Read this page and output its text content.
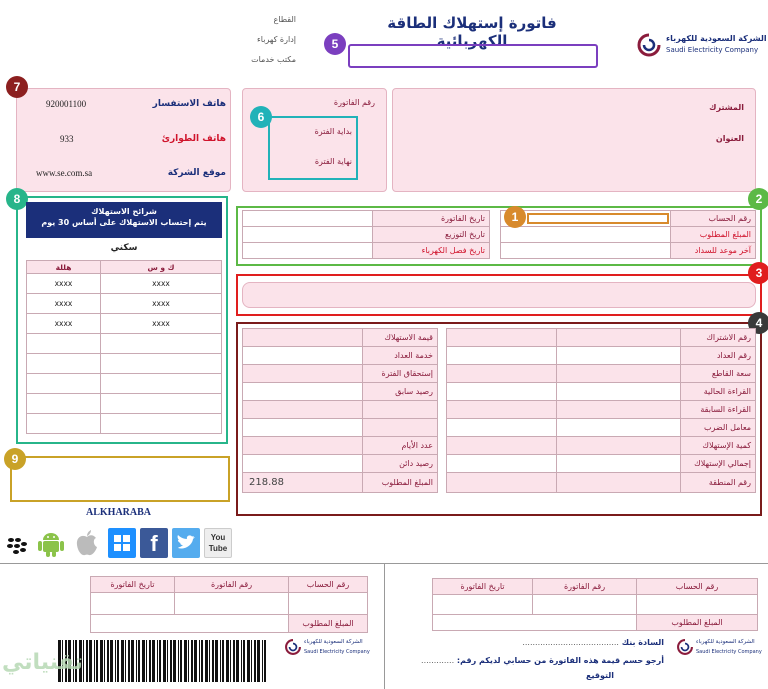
القطاع
إدارة كهرباء
مكتب خدمات
فاتورة إستهلاك الطاقة الكهربائية
5	الشركة السعودية للكهرباء
Saudi Electricity Company
7
920001100	هاتف الاستفسار
933	هاتف الطوارئ
www.se.com.sa	موقع الشركة
رقم الفاتورة
6
بداية الفترة
نهاية الفترة
المشترك
العنوان
8
شرائح الاستهلاك
يتم إحتساب الاستهلاك على أساس 30 يوم
سكني
هللة	ك و س
xxxx	xxxx
xxxx	xxxx
xxxx	xxxx

9
ALKHARABA
f	You Tube
2
	تاريخ الفاتورة
	تاريخ التوزيع
	تاريخ فصل الكهرباء
	رقم الحساب
	المبلغ المطلوب
	آخر موعد للسداد
1
3
4
	قيمة الاستهلاك
	خدمة العداد
	إستحقاق الفترة
	رصيد سابق

	عدد الأيام
	رصيد دائن
218.88	المبلغ المطلوب
		رقم الاشتراك
		رقم العداد
		سعة القاطع
		القراءة الحالية
		القراءة السابقة
		معامل الضرب
		كمية الإستهلاك
		إجمالي الإستهلاك
		رقم المنطقة
تاريخ الفاتورة	رقم الفاتورة	رقم الحساب

		المبلغ المطلوب
الشركة السعودية للكهرباء
Saudi Electricity Company
تقنياتي
تاريخ الفاتورة	رقم الفاتورة	رقم الحساب

		المبلغ المطلوب
الشركة السعودية للكهرباء
Saudi Electricity Company
السادة بنك ......................................
أرجو حسم قيمة هذه الفاتورة من حسابي لديكم رقم: .............
التوقيع
